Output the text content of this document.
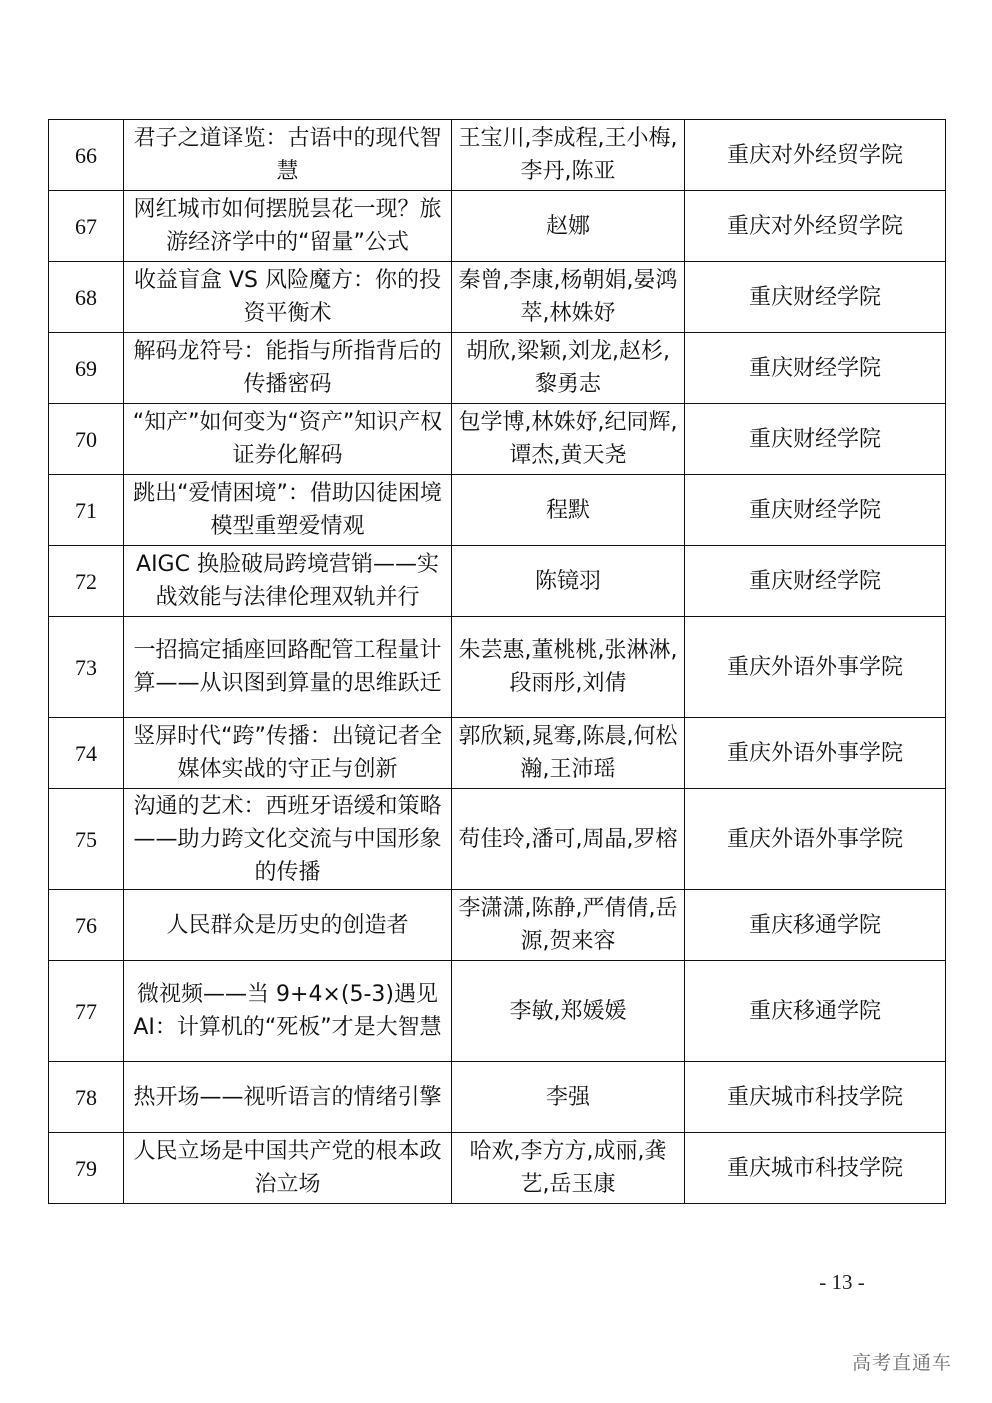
66	君子之道译览：古语中的现代智慧	王宝川,李成程,王小梅,李丹,陈亚	重庆对外经贸学院
67	网红城市如何摆脱昙花一现？旅游经济学中的“留量”公式	赵娜	重庆对外经贸学院
68	收益盲盒 VS 风险魔方：你的投资平衡术	秦曾,李康,杨朝娟,晏鸿萃,林姝妤	重庆财经学院
69	解码龙符号：能指与所指背后的传播密码	胡欣,梁颖,刘龙,赵杉,黎勇志	重庆财经学院
70	“知产”如何变为“资产”知识产权证券化解码	包学博,林姝妤,纪同辉,谭杰,黄天尧	重庆财经学院
71	跳出“爱情困境”：借助囚徒困境模型重塑爱情观	程默	重庆财经学院
72	AIGC 换脸破局跨境营销——实战效能与法律伦理双轨并行	陈镜羽	重庆财经学院
73	一招搞定插座回路配管工程量计算——从识图到算量的思维跃迁	朱芸惠,董桃桃,张淋淋,段雨彤,刘倩	重庆外语外事学院
74	竖屏时代“跨”传播：出镜记者全媒体实战的守正与创新	郭欣颖,晁骞,陈晨,何松瀚,王沛瑶	重庆外语外事学院
75	沟通的艺术：西班牙语缓和策略——助力跨文化交流与中国形象的传播	苟佳玲,潘可,周晶,罗榕	重庆外语外事学院
76	人民群众是历史的创造者	李潇潇,陈静,严倩倩,岳源,贺来容	重庆移通学院
77	微视频——当 9+4×(5-3)遇见 AI：计算机的“死板”才是大智慧	李敏,郑媛媛	重庆移通学院
78	热开场——视听语言的情绪引擎	李强	重庆城市科技学院
79	人民立场是中国共产党的根本政治立场	哈欢,李方方,成丽,龚艺,岳玉康	重庆城市科技学院
- 13 -
高考直通车
